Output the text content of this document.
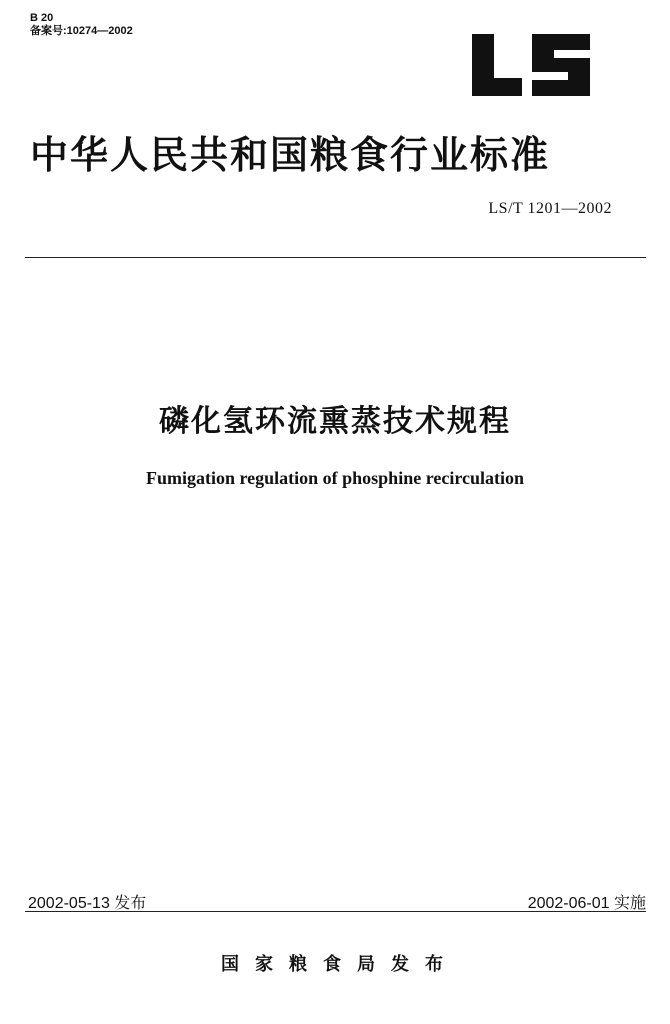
B 20
备案号:10274—2002
中华人民共和国粮食行业标准
LS/T 1201—2002
磷化氢环流熏蒸技术规程
Fumigation regulation of phosphine recirculation
2002-05-13 发布	2002-06-01 实施
国家粮食局发布
